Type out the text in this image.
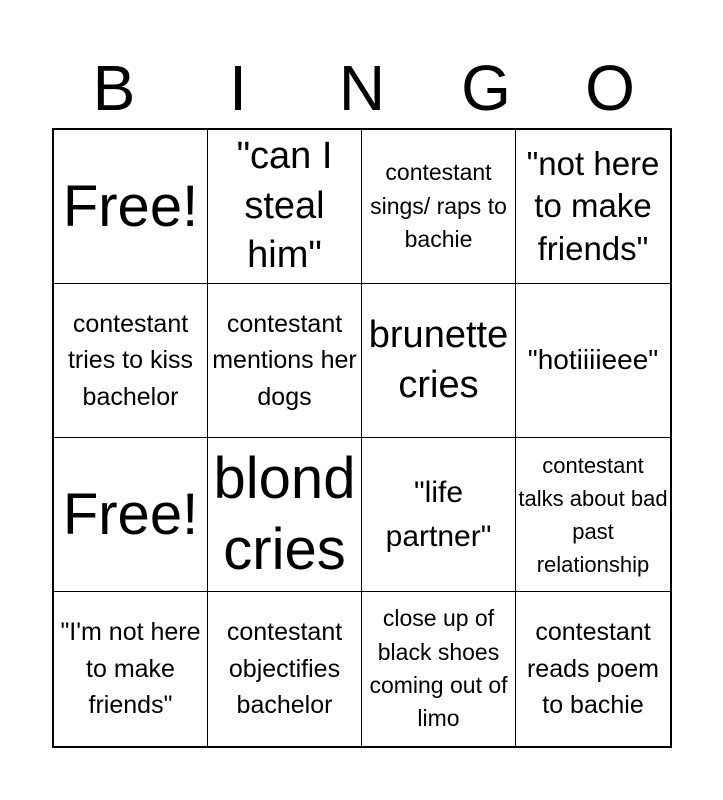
B	I	N	G	O
Free!
"can I steal him"
contestant sings/ raps to bachie
"not here to make friends"
contestant tries to kiss bachelor
contestant mentions her dogs
brunette cries
"hotiiiieee"
Free!
blond cries
"life partner"
contestant talks about bad past relationship
"I'm not here to make friends"
contestant objectifies bachelor
close up of black shoes coming out of limo
contestant reads poem to bachie
